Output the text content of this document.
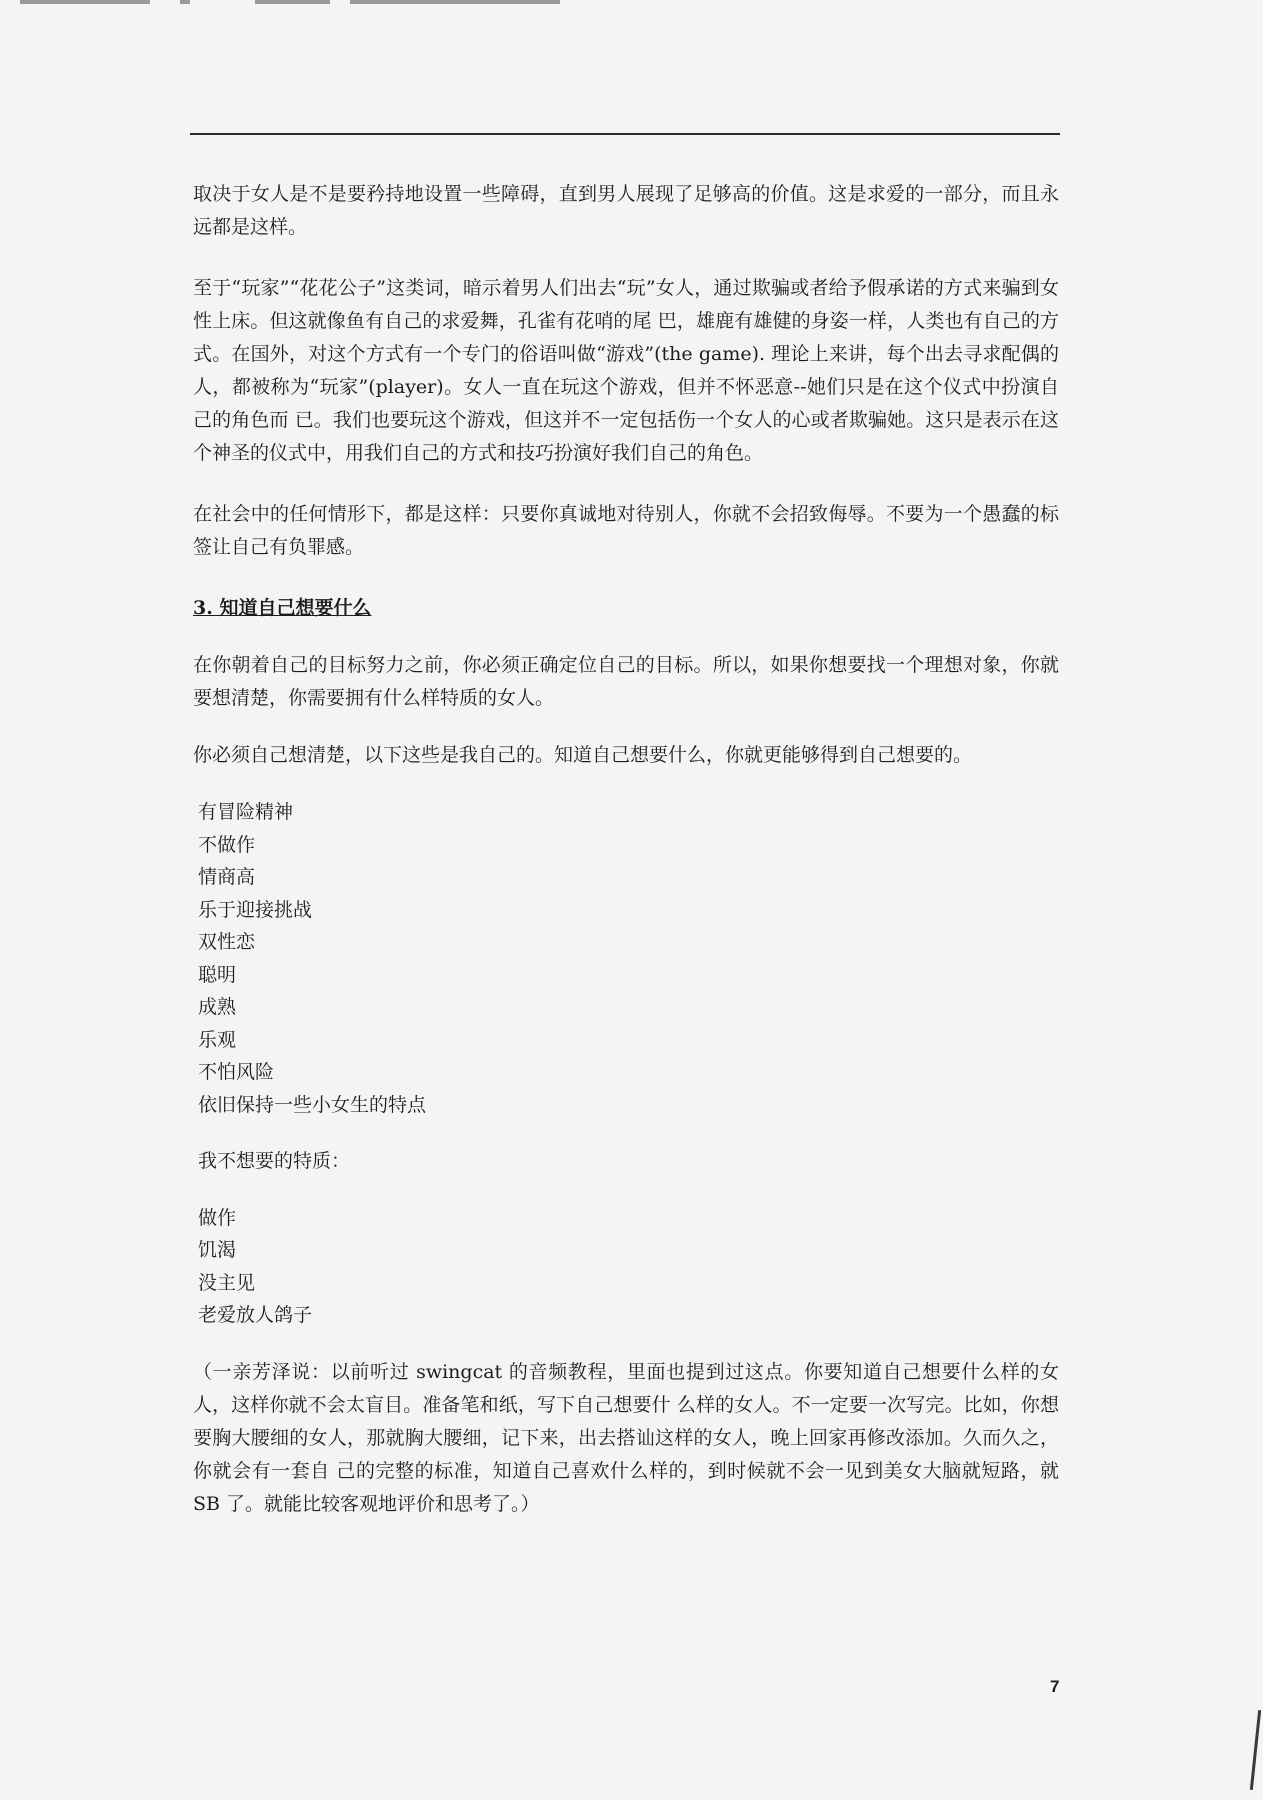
取决于女人是不是要矜持地设置一些障碍，直到男人展现了足够高的价值。这是求爱的一部分，而且永远都是这样。

至于“玩家”“花花公子”这类词，暗示着男人们出去“玩”女人，通过欺骗或者给予假承诺的方式来骗到女性上床。但这就像鱼有自己的求爱舞，孔雀有花哨的尾 巴，雄鹿有雄健的身姿一样，人类也有自己的方式。在国外，对这个方式有一个专门的俗语叫做“游戏”(the game). 理论上来讲，每个出去寻求配偶的人，都被称为“玩家”(player)。女人一直在玩这个游戏，但并不怀恶意--她们只是在这个仪式中扮演自己的角色而 已。我们也要玩这个游戏，但这并不一定包括伤一个女人的心或者欺骗她。这只是表示在这个神圣的仪式中，用我们自己的方式和技巧扮演好我们自己的角色。

在社会中的任何情形下，都是这样：只要你真诚地对待别人，你就不会招致侮辱。不要为一个愚蠢的标签让自己有负罪感。

3. 知道自己想要什么

在你朝着自己的目标努力之前，你必须正确定位自己的目标。所以，如果你想要找一个理想对象，你就要想清楚，你需要拥有什么样特质的女人。

你必须自己想清楚，以下这些是我自己的。知道自己想要什么，你就更能够得到自己想要的。

有冒险精神
不做作
情商高
乐于迎接挑战
双性恋
聪明
成熟
乐观
不怕风险
依旧保持一些小女生的特点
我不想要的特质：
做作
饥渴
没主见
老爱放人鸽子

（一亲芳泽说：以前听过 swingcat 的音频教程，里面也提到过这点。你要知道自己想要什么样的女人，这样你就不会太盲目。准备笔和纸，写下自己想要什 么样的女人。不一定要一次写完。比如，你想要胸大腰细的女人，那就胸大腰细，记下来，出去搭讪这样的女人，晚上回家再修改添加。久而久之，你就会有一套自 己的完整的标准，知道自己喜欢什么样的，到时候就不会一见到美女大脑就短路，就 SB 了。就能比较客观地评价和思考了。）

7
